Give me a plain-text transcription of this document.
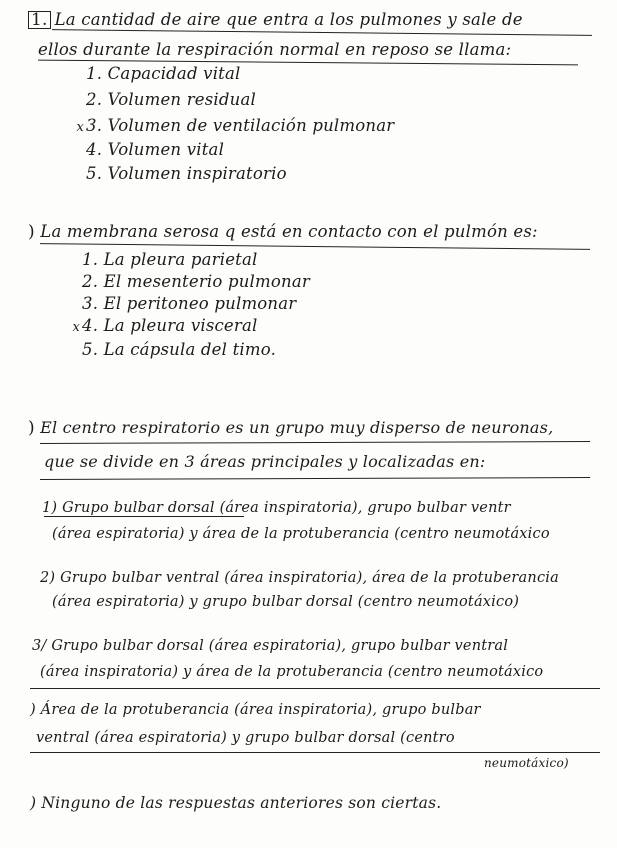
1. La cantidad de aire que entra a los pulmones y sale de
ellos durante la respiración normal en reposo se llama:
1. Capacidad vital
2. Volumen residual
x 3. Volumen de ventilación pulmonar
4. Volumen vital
5. Volumen inspiratorio
) La membrana serosa q está en contacto con el pulmón es:
1. La pleura parietal
2. El mesenterio pulmonar
3. El peritoneo pulmonar
x 4. La pleura visceral
5. La cápsula del timo.
) El centro respiratorio es un grupo muy disperso de neuronas,
que se divide en 3 áreas principales y localizadas en:
1) Grupo bulbar dorsal (área inspiratoria), grupo bulbar ventr
(área espiratoria) y área de la protuberancia (centro neumotáxico
2) Grupo bulbar ventral (área inspiratoria), área de la protuberancia
(área espiratoria) y grupo bulbar dorsal (centro neumotáxico)
3/ Grupo bulbar dorsal (área espiratoria), grupo bulbar ventral
(área inspiratoria) y área de la protuberancia (centro neumotáxico
) Área de la protuberancia (área inspiratoria), grupo bulbar
ventral (área espiratoria) y grupo bulbar dorsal (centro
neumotáxico)
) Ninguno de las respuestas anteriores son ciertas.
